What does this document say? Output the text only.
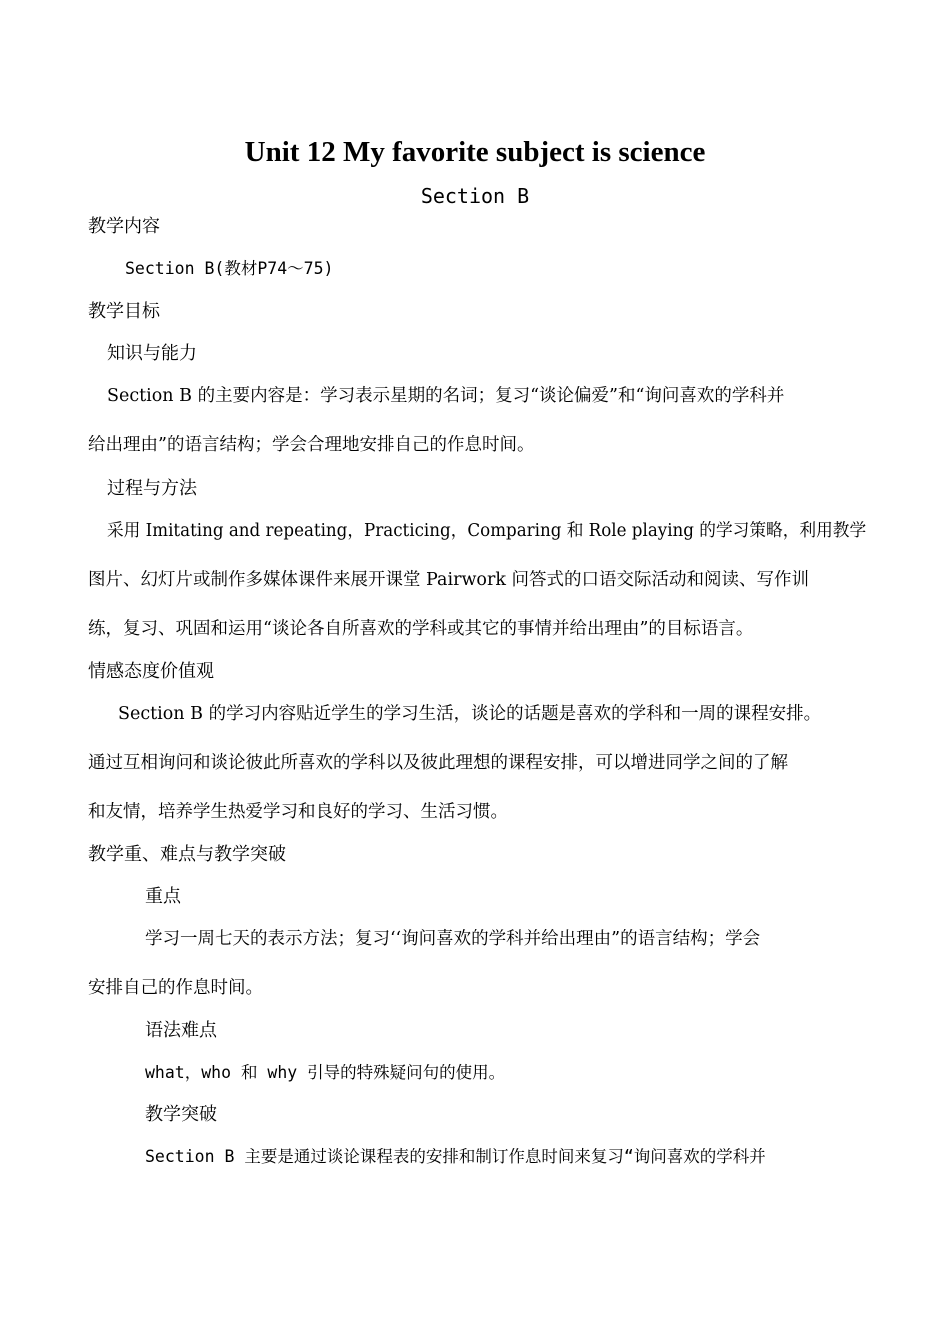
Unit 12 My favorite subject is science
Section B
教学内容
Section B(教材P74～75)
教学目标
知识与能力
Section B 的主要内容是：学习表示星期的名词；复习“谈论偏爱”和“询问喜欢的学科并
给出理由”的语言结构；学会合理地安排自己的作息时间。
过程与方法
采用 Imitating and repeating，Practicing，Comparing 和 Role playing 的学习策略，利用教学
图片、幻灯片或制作多媒体课件来展开课堂 Pairwork 问答式的口语交际活动和阅读、写作训
练，复习、巩固和运用“谈论各自所喜欢的学科或其它的事情并给出理由”的目标语言。
情感态度价值观
Section B 的学习内容贴近学生的学习生活，谈论的话题是喜欢的学科和一周的课程安排。
通过互相询问和谈论彼此所喜欢的学科以及彼此理想的课程安排，可以增进同学之间的了解
和友情，培养学生热爱学习和良好的学习、生活习惯。
教学重、难点与教学突破
重点
学习一周七天的表示方法；复习‘‘询问喜欢的学科并给出理由”的语言结构；学会
安排自己的作息时间。
语法难点
what，who 和 why 引导的特殊疑问句的使用。
教学突破
Section B 主要是通过谈论课程表的安排和制订作息时间来复习“询问喜欢的学科并
